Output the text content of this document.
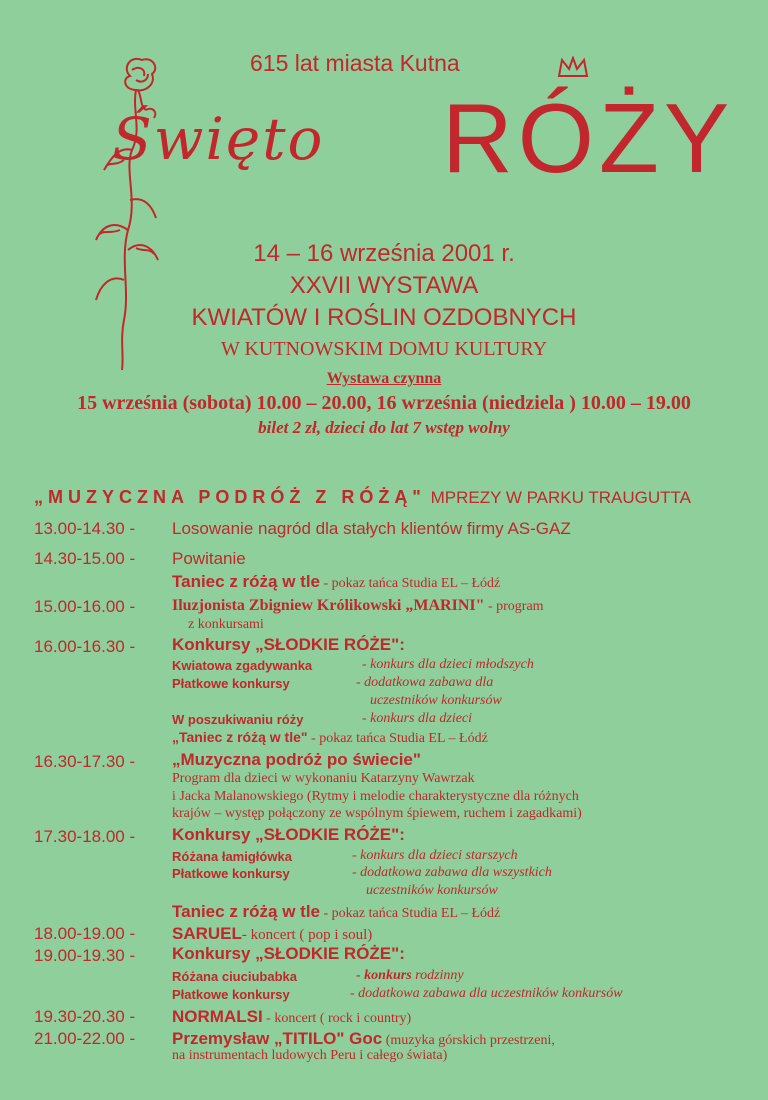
615 lat miasta Kutna
Święto RÓŻY
14 – 16 września 2001 r.
XXVII WYSTAWA
KWIATÓW I ROŚLIN OZDOBNYCH
W KUTNOWSKIM DOMU KULTURY
Wystawa czynna
15 września (sobota) 10.00 – 20.00, 16 września (niedziela ) 10.00 – 19.00
bilet 2 zł, dzieci do lat 7 wstęp wolny
„MUZYCZNA PODRÓŻ Z RÓŻĄ" MPREZY W PARKU TRAUGUTTA
13.00-14.30 - Losowanie nagród dla stałych klientów firmy AS-GAZ
14.30-15.00 - Powitanie
Taniec z różą w tle - pokaz tańca Studia EL – Łódź
15.00-16.00 - Iluzjonista Zbigniew Królikowski „MARINI" - program
z konkursami
16.00-16.30 - Konkursy „SŁODKIE RÓŻE":
Kwiatowa zgadywanka	- konkurs dla dzieci młodszych
Płatkowe konkursy	- dodatkowa zabawa dla
uczestników konkursów
W poszukiwaniu róży	- konkurs dla dzieci
„Taniec z różą w tle" - pokaz tańca Studia EL – Łódź
16.30-17.30 - „Muzyczna podróż po świecie"
Program dla dzieci w wykonaniu Katarzyny Wawrzak
i Jacka Malanowskiego (Rytmy i melodie charakterystyczne dla różnych
krajów – występ połączony ze wspólnym śpiewem, ruchem i zagadkami)
17.30-18.00 - Konkursy „SŁODKIE RÓŻE":
Różana łamigłówka	- konkurs dla dzieci starszych
Płatkowe konkursy	- dodatkowa zabawa dla wszystkich
uczestników konkursów
Taniec z różą w tle - pokaz tańca Studia EL – Łódź
18.00-19.00 - SARUEL- koncert ( pop i soul)
19.00-19.30 - Konkursy „SŁODKIE RÓŻE":
Różana ciuciubabka	- konkurs rodzinny
Płatkowe konkursy	- dodatkowa zabawa dla uczestników konkursów
19.30-20.30 - NORMALSI - koncert ( rock i country)
21.00-22.00 - Przemysław „TITILO" Goc (muzyka górskich przestrzeni,
na instrumentach ludowych Peru i całego świata)
